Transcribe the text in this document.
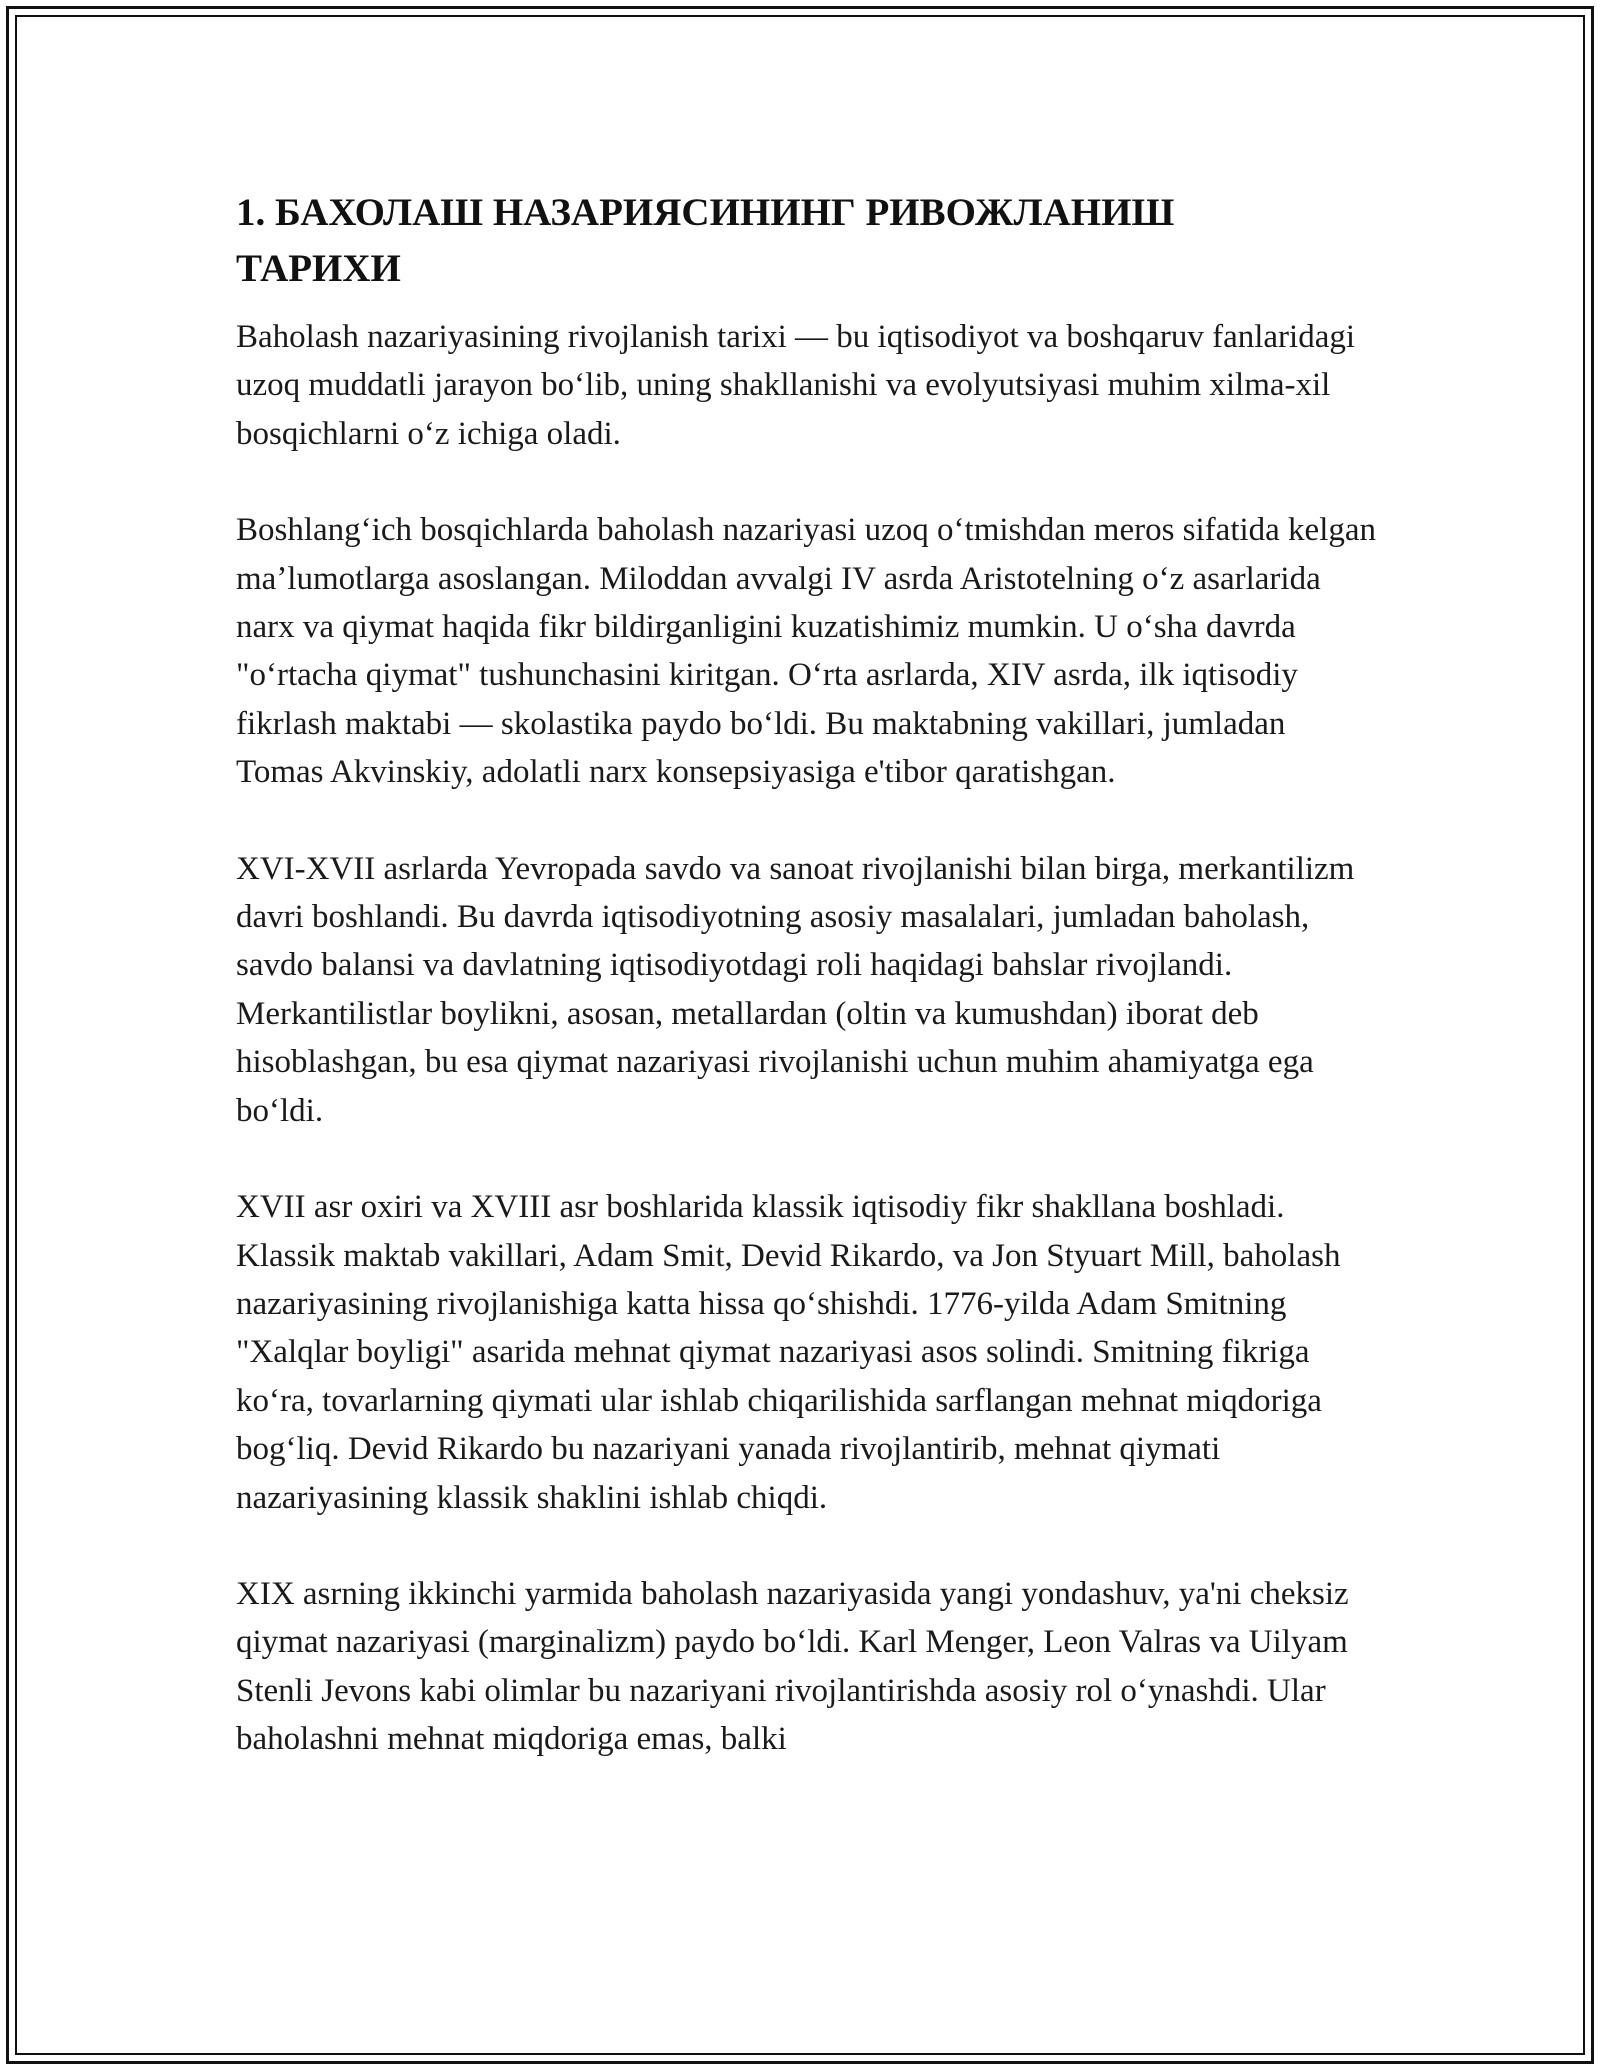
1. БАХОЛАШ НАЗАРИЯСИНИНГ РИВОЖЛАНИШ ТАРИХИ

Baholash nazariyasining rivojlanish tarixi — bu iqtisodiyot va boshqaruv fanlaridagi uzoq muddatli jarayon boʻlib, uning shakllanishi va evolyutsiyasi muhim xilma-xil bosqichlarni oʻz ichiga oladi.

Boshlangʻich bosqichlarda baholash nazariyasi uzoq oʻtmishdan meros sifatida kelgan maʼlumotlarga asoslangan. Miloddan avvalgi IV asrda Aristotelning oʻz asarlarida narx va qiymat haqida fikr bildirganligini kuzatishimiz mumkin. U oʻsha davrda "oʻrtacha qiymat" tushunchasini kiritgan. Oʻrta asrlarda, XIV asrda, ilk iqtisodiy fikrlash maktabi — skolastika paydo boʻldi. Bu maktabning vakillari, jumladan Tomas Akvinskiy, adolatli narx konsepsiyasiga e'tibor qaratishgan.

XVI-XVII asrlarda Yevropada savdo va sanoat rivojlanishi bilan birga, merkantilizm davri boshlandi. Bu davrda iqtisodiyotning asosiy masalalari, jumladan baholash, savdo balansi va davlatning iqtisodiyotdagi roli haqidagi bahslar rivojlandi. Merkantilistlar boylikni, asosan, metallardan (oltin va kumushdan) iborat deb hisoblashgan, bu esa qiymat nazariyasi rivojlanishi uchun muhim ahamiyatga ega boʻldi.

XVII asr oxiri va XVIII asr boshlarida klassik iqtisodiy fikr shakllana boshladi. Klassik maktab vakillari, Adam Smit, Devid Rikardo, va Jon Styuart Mill, baholash nazariyasining rivojlanishiga katta hissa qoʻshishdi. 1776-yilda Adam Smitning "Xalqlar boyligi" asarida mehnat qiymat nazariyasi asos solindi. Smitning fikriga koʻra, tovarlarning qiymati ular ishlab chiqarilishida sarflangan mehnat miqdoriga bogʻliq. Devid Rikardo bu nazariyani yanada rivojlantirib, mehnat qiymati nazariyasining klassik shaklini ishlab chiqdi.

XIX asrning ikkinchi yarmida baholash nazariyasida yangi yondashuv, ya'ni cheksiz qiymat nazariyasi (marginalizm) paydo boʻldi. Karl Menger, Leon Valras va Uilyam Stenli Jevons kabi olimlar bu nazariyani rivojlantirishda asosiy rol oʻynashdi. Ular baholashni mehnat miqdoriga emas, balki
